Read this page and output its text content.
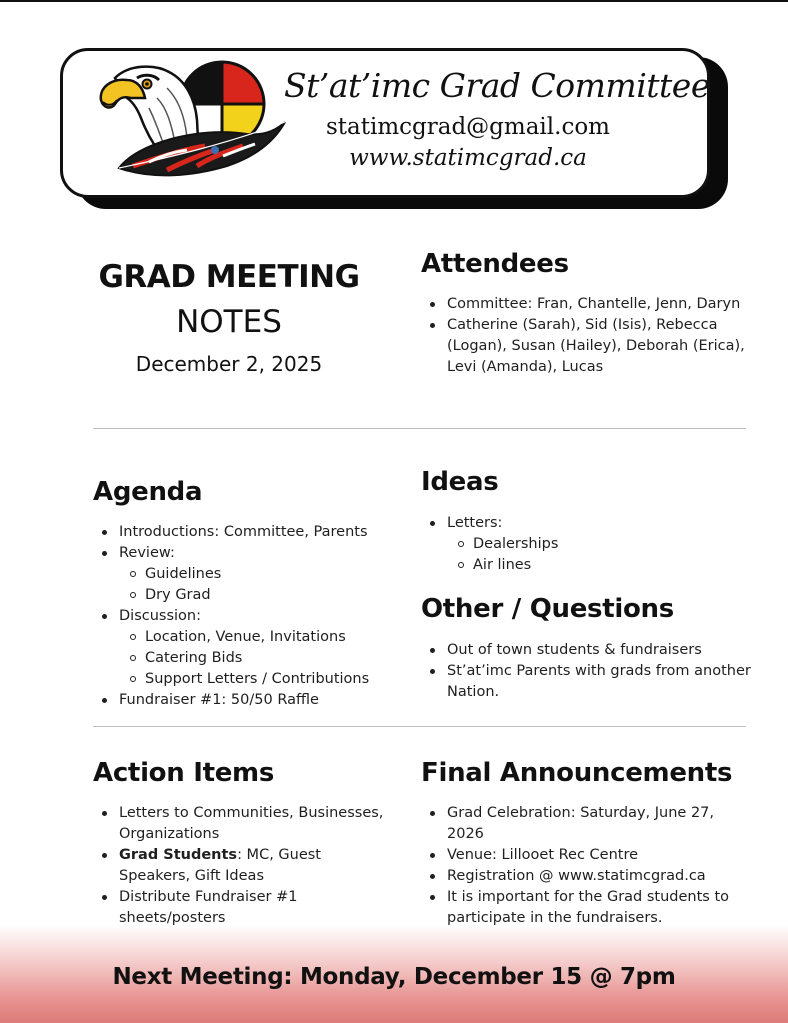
St’at’imc Grad Committee
statimcgrad@gmail.com
www.statimcgrad.ca
GRAD MEETING
NOTES
December 2, 2025
Attendees
Committee: Fran, Chantelle, Jenn, Daryn
Catherine (Sarah), Sid (Isis), Rebecca (Logan), Susan (Hailey), Deborah (Erica), Levi (Amanda), Lucas
Agenda
Introductions: Committee, Parents
Review:
Guidelines
Dry Grad
Discussion:
Location, Venue, Invitations
Catering Bids
Support Letters / Contributions
Fundraiser #1: 50/50 Raffle
Ideas
Letters:
Dealerships
Air lines
Other / Questions
Out of town students & fundraisers
St’at’imc Parents with grads from another Nation.
Action Items
Letters to Communities, Businesses, Organizations
Grad Students: MC, Guest Speakers, Gift Ideas
Distribute Fundraiser #1 sheets/posters
Final Announcements
Grad Celebration: Saturday, June 27, 2026
Venue: Lillooet Rec Centre
Registration @ www.statimcgrad.ca
It is important for the Grad students to participate in the fundraisers.
Next Meeting: Monday, December 15 @ 7pm
